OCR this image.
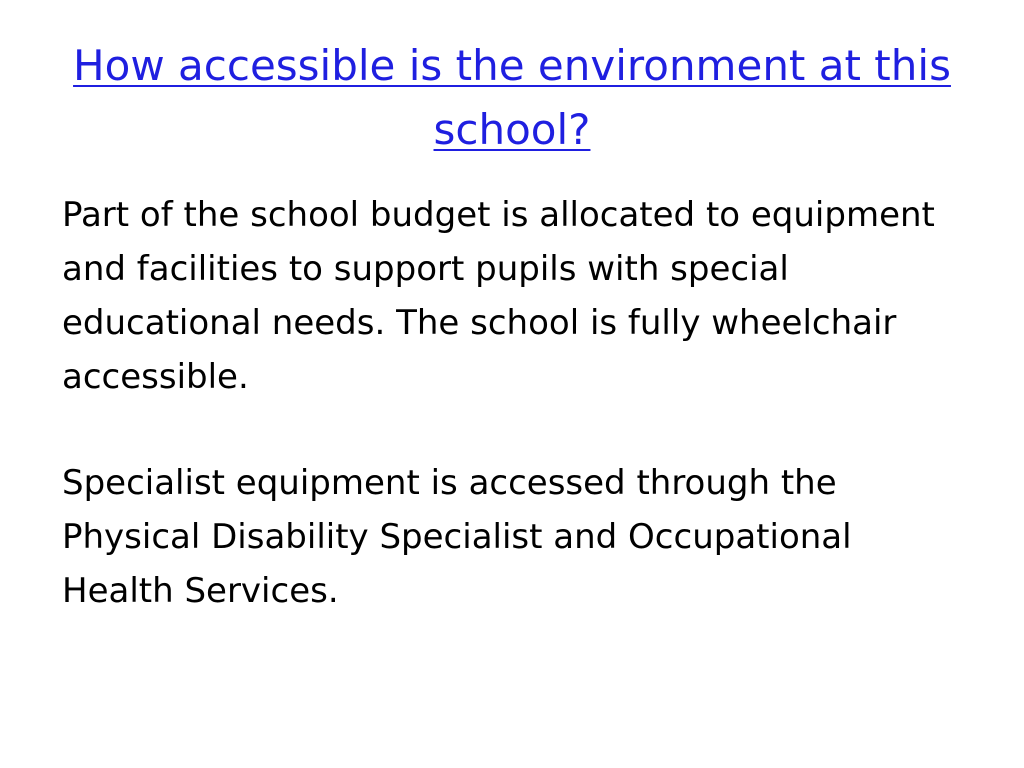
How accessible is the environment at this school?

Part of the school budget is allocated to equipment and facilities to support pupils with special educational needs. The school is fully wheelchair accessible.

Specialist equipment is accessed through the Physical Disability Specialist and Occupational Health Services.
